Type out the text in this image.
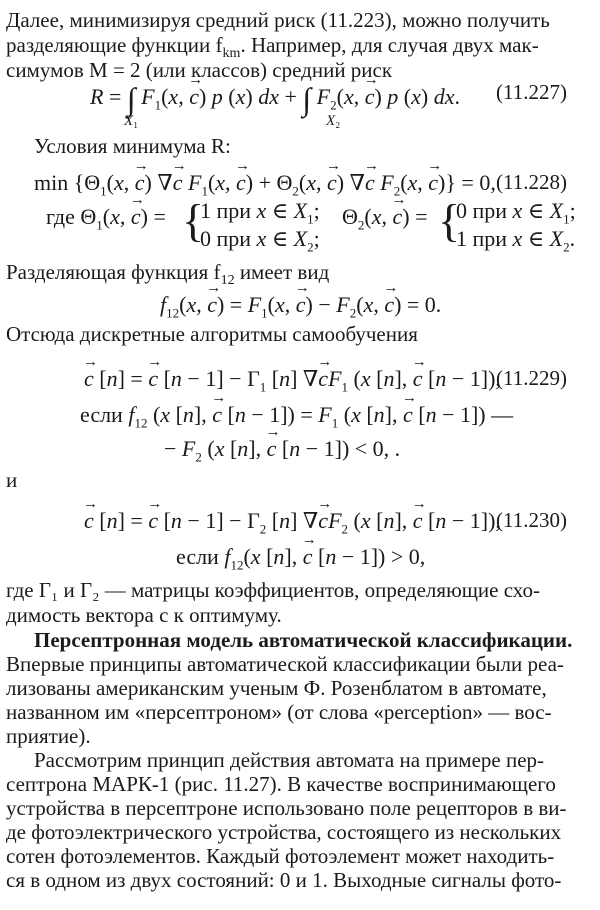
Далее, минимизируя средний риск (11.223), можно получить
разделяющие функции $f_{km}$. Например, для случая двух мак-
симумов M = 2 (или классов) средний риск
R = ∫ $F_1(x$, → c) p (x) dx + ∫ $F_2(x$, → c) p (x) dx.
X₁	X₂
(11.227)
Условия минимума R:
$\min \{\Theta_1(x$, → c) ∇→ c $F_1(x$, → $c) + \Theta_2(x$, → c) ∇→ c $F_2(x$, → c)} = 0, (11.228)
где $\Theta_1(x$, → c) = {
1 при x ∈ $X_1$;
0 при x ∈ $X_2$;
$\Theta_2(x$, → c) = {
0 при x ∈ $X_1$;
1 при x ∈ $X_2$.
Разделяющая функция $f_{12}$ имеет вид
$f_{12}(x$, → $c) = F_1(x$, → $c) - F_2(x$, → c) = 0.
Отсюда дискретные алгоритмы самообучения
→ c [n] = → c $[n - 1] - \Gamma_1$ [n] ∇→ $cF_1$ (x [n], → c [n − 1]),
(11.229)
если $f_{12}$ (x [n], → c $[n - 1]) = F_1$ (x [n], → c [n − 1]) —
− $F_2$ (x [n], → c [n − 1]) < 0, .
и
→ c [n] = → c $[n - 1] - \Gamma_2$ [n] ∇→ $cF_2$ (x [n], → c [n − 1]),
(11.230)
если $f_{12}(x$ [n], → c [n − 1]) > 0,
где Γ₁ и Γ₂ — матрицы коэффициентов, определяющие схо-
димость вектора c к оптимуму.
Персептронная модель автоматической классификации.
Впервые принципы автоматической классификации были реа-
лизованы американским ученым Ф. Розенблатом в автомате,
названном им «персептроном» (от слова «perception» — вос-
приятие).
Рассмотрим принцип действия автомата на примере пер-
септрона МАРК-1 (рис. 11.27). В качестве воспринимающего
устройства в персептроне использовано поле рецепторов в ви-
де фотоэлектрического устройства, состоящего из нескольких
сотен фотоэлементов. Каждый фотоэлемент может находить-
ся в одном из двух состояний: 0 и 1. Выходные сигналы фото-
